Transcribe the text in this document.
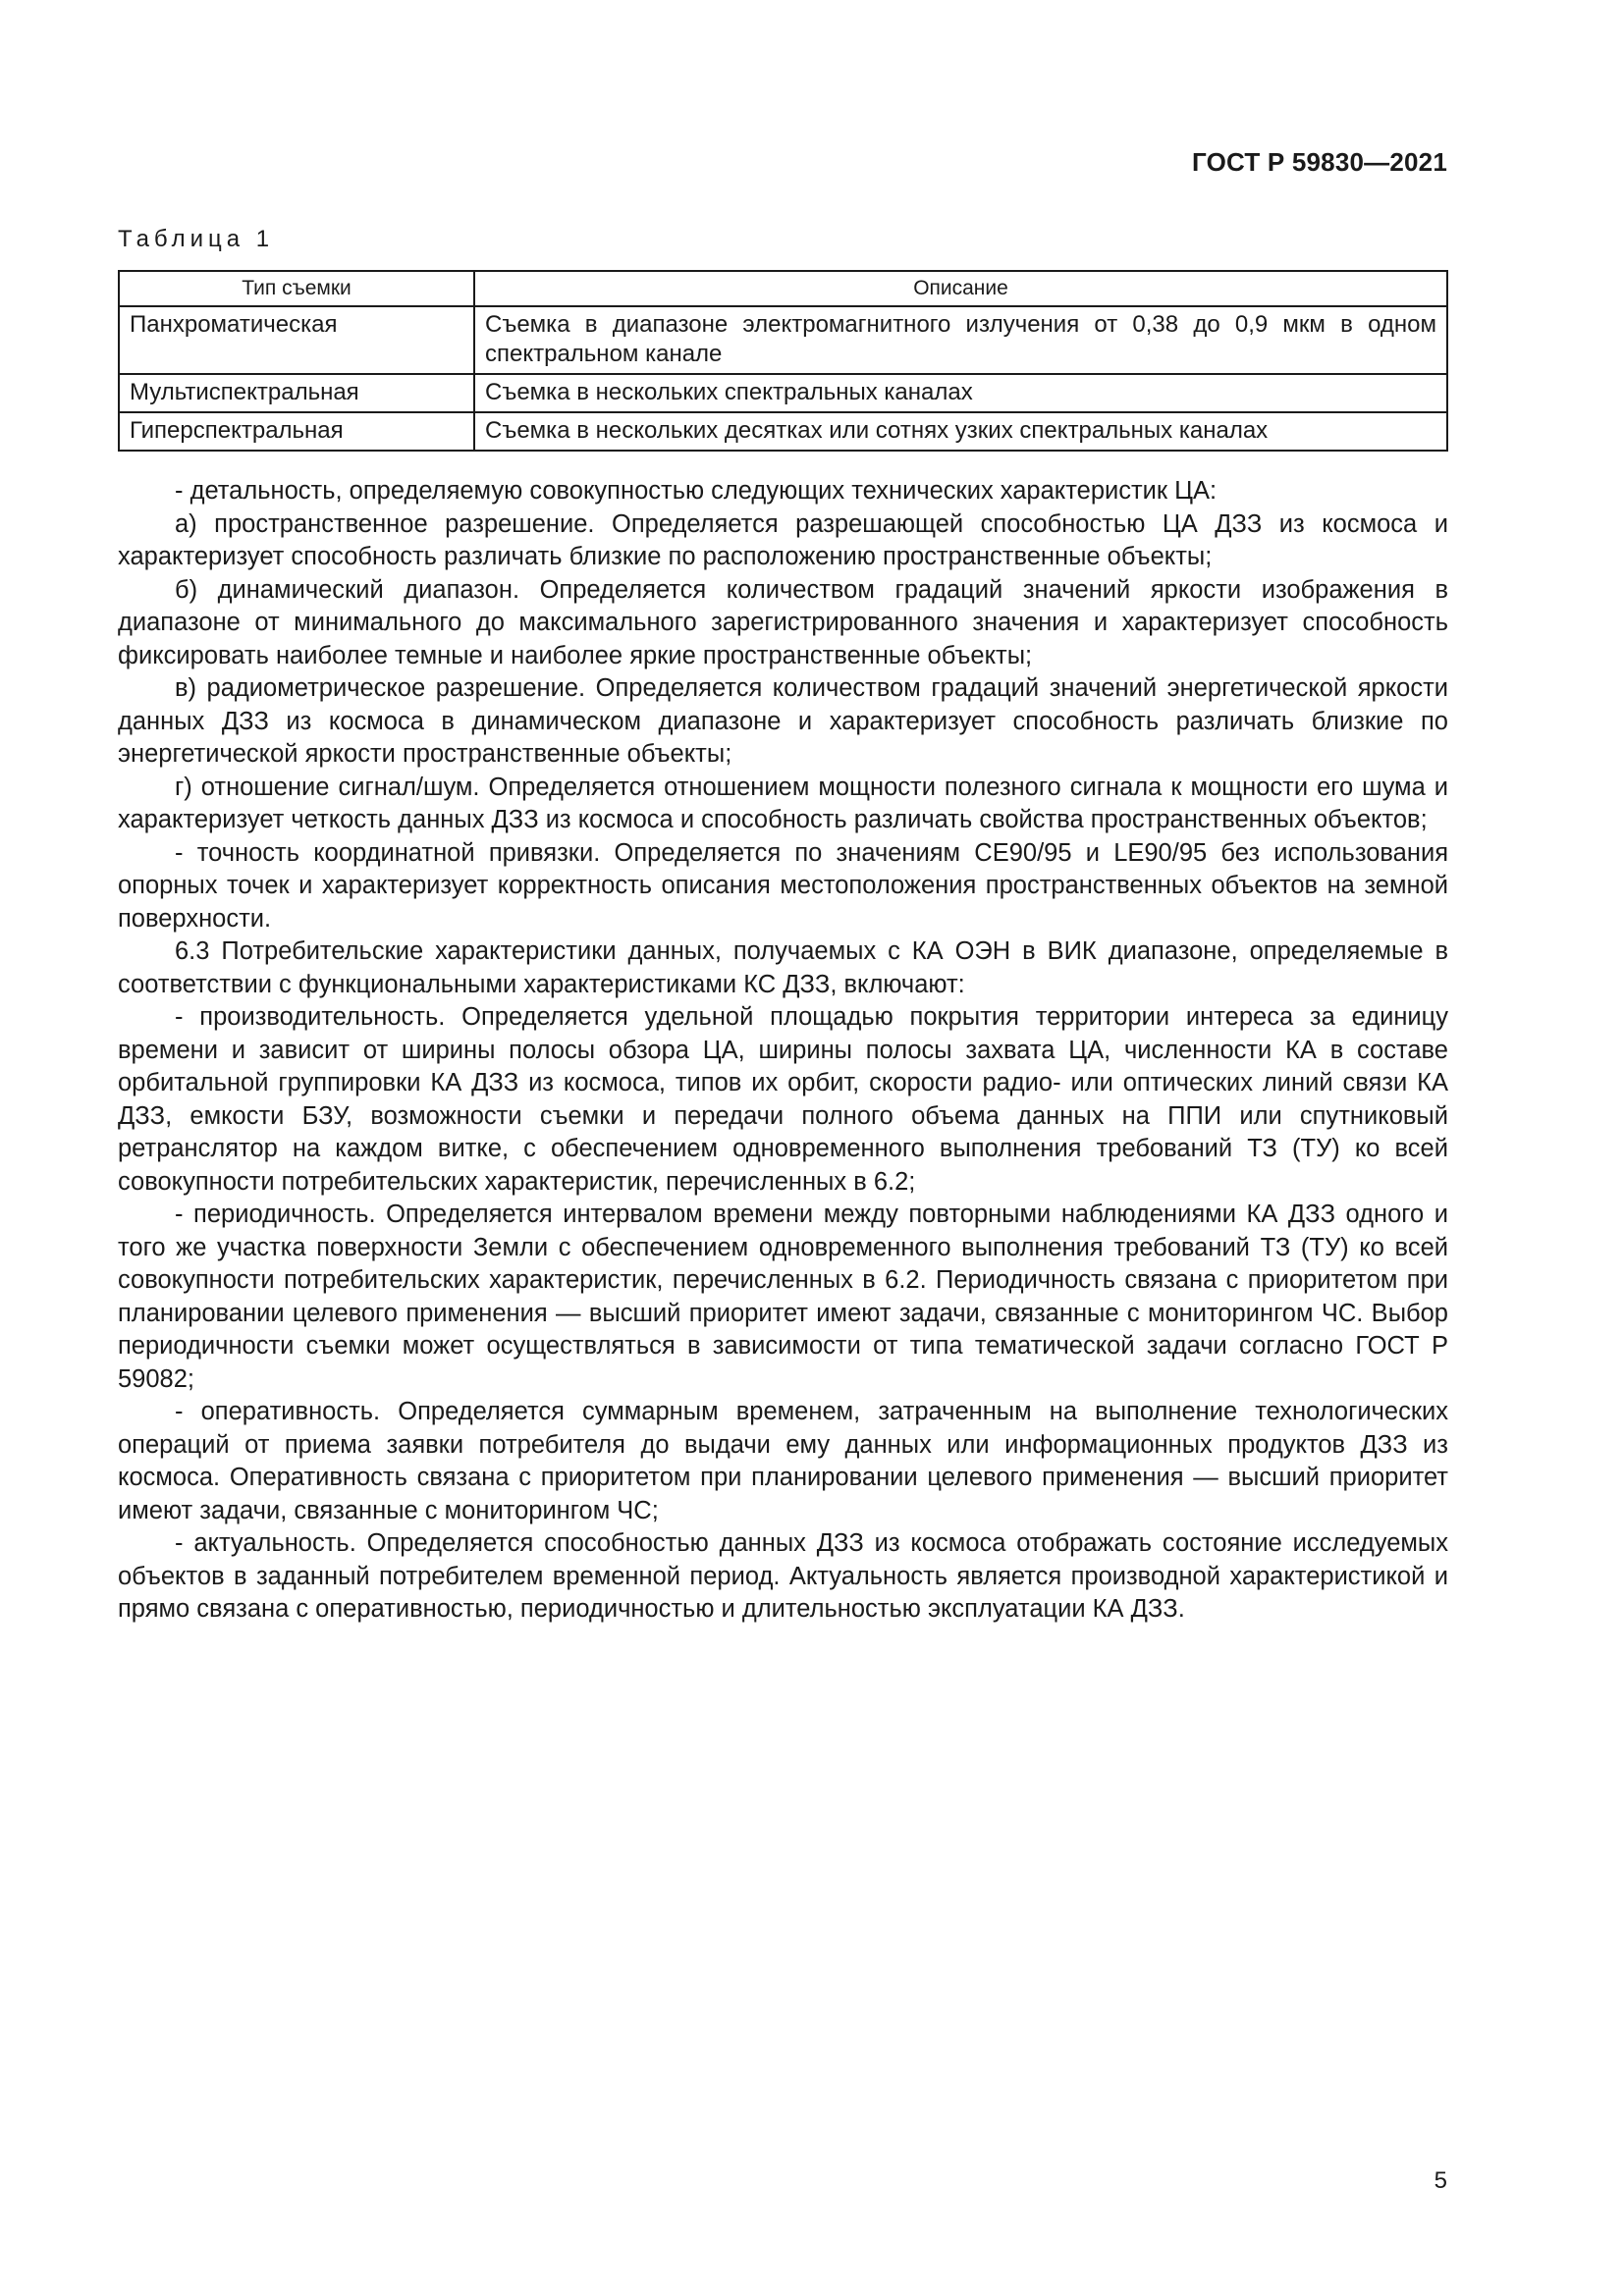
ГОСТ Р 59830—2021
Таблица 1
Тип съемки	Описание
Панхроматическая	Съемка в диапазоне электромагнитного излучения от 0,38 до 0,9 мкм в одном спектральном канале
Мультиспектральная	Съемка в нескольких спектральных каналах
Гиперспектральная	Съемка в нескольких десятках или сотнях узких спектральных каналах

- детальность, определяемую совокупностью следующих технических характеристик ЦА:

а) пространственное разрешение. Определяется разрешающей способностью ЦА ДЗЗ из космоса и характеризует способность различать близкие по расположению пространственные объекты;

б) динамический диапазон. Определяется количеством градаций значений яркости изображения в диапазоне от минимального до максимального зарегистрированного значения и характеризует способность фиксировать наиболее темные и наиболее яркие пространственные объекты;

в) радиометрическое разрешение. Определяется количеством градаций значений энергетической яркости данных ДЗЗ из космоса в динамическом диапазоне и характеризует способность различать близкие по энергетической яркости пространственные объекты;

г) отношение сигнал/шум. Определяется отношением мощности полезного сигнала к мощности его шума и характеризует четкость данных ДЗЗ из космоса и способность различать свойства пространственных объектов;

- точность координатной привязки. Определяется по значениям CE90/95 и LE90/95 без использования опорных точек и характеризует корректность описания местоположения пространственных объектов на земной поверхности.

6.3 Потребительские характеристики данных, получаемых с КА ОЭН в ВИК диапазоне, определяемые в соответствии с функциональными характеристиками КС ДЗЗ, включают:

- производительность. Определяется удельной площадью покрытия территории интереса за единицу времени и зависит от ширины полосы обзора ЦА, ширины полосы захвата ЦА, численности КА в составе орбитальной группировки КА ДЗЗ из космоса, типов их орбит, скорости радио- или оптических линий связи КА ДЗЗ, емкости БЗУ, возможности съемки и передачи полного объема данных на ППИ или спутниковый ретранслятор на каждом витке, с обеспечением одновременного выполнения требований ТЗ (ТУ) ко всей совокупности потребительских характеристик, перечисленных в 6.2;

- периодичность. Определяется интервалом времени между повторными наблюдениями КА ДЗЗ одного и того же участка поверхности Земли с обеспечением одновременного выполнения требований ТЗ (ТУ) ко всей совокупности потребительских характеристик, перечисленных в 6.2. Периодичность связана с приоритетом при планировании целевого применения — высший приоритет имеют задачи, связанные с мониторингом ЧС. Выбор периодичности съемки может осуществляться в зависимости от типа тематической задачи согласно ГОСТ Р 59082;

- оперативность. Определяется суммарным временем, затраченным на выполнение технологических операций от приема заявки потребителя до выдачи ему данных или информационных продуктов ДЗЗ из космоса. Оперативность связана с приоритетом при планировании целевого применения — высший приоритет имеют задачи, связанные с мониторингом ЧС;

- актуальность. Определяется способностью данных ДЗЗ из космоса отображать состояние исследуемых объектов в заданный потребителем временной период. Актуальность является производной характеристикой и прямо связана с оперативностью, периодичностью и длительностью эксплуатации КА ДЗЗ.

5
